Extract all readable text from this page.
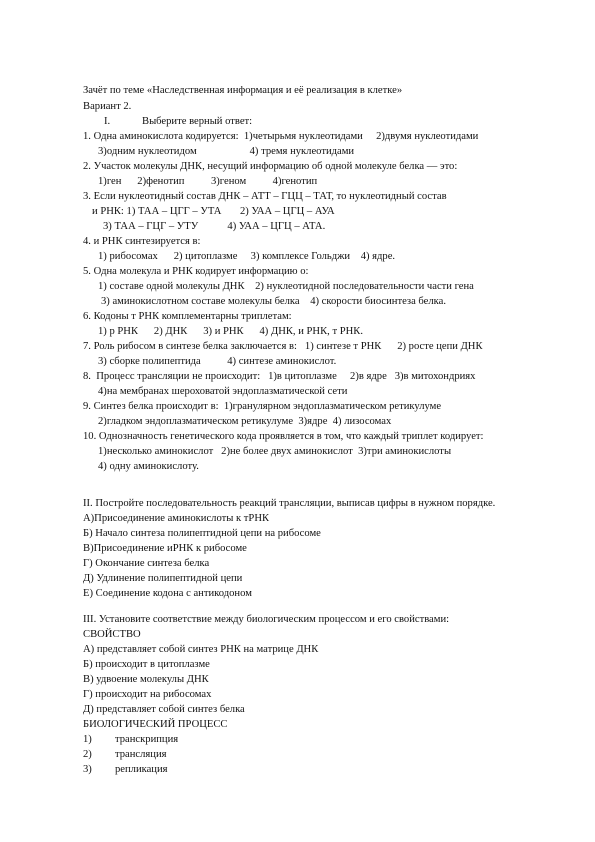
Зачёт по теме «Наследственная информация и её реализация в клетке»
Вариант 2.
I.	Выберите верный ответ:
1. Одна аминокислота кодируется:  1)четырьмя нуклеотидами     2)двумя нуклеотидами
3)одним нуклеотидом                    4) тремя нуклеотидами
2. Участок молекулы ДНК, несущий информацию об одной молекуле белка — это:
1)ген      2)фенотип          3)геном          4)генотип
3. Если нуклеотидный состав ДНК – АТТ – ГЦЦ – ТАТ, то нуклеотидный состав
и РНК: 1) ТАА – ЦГГ – УТА       2) УАА – ЦГЦ – АУА
3) ТАА – ГЦГ – УТУ           4) УАА – ЦГЦ – АТА.
4. и РНК синтезируется в:
1) рибосомах      2) цитоплазме     3) комплексе Гольджи    4) ядре.
5. Одна молекула и РНК кодирует информацию о:
1) составе одной молекулы ДНК    2) нуклеотидной последовательности части гена
3) аминокислотном составе молекулы белка    4) скорости биосинтеза белка.
6. Кодоны т РНК комплементарны триплетам:
1) р РНК      2) ДНК      3) и РНК      4) ДНК, и РНК, т РНК.
7. Роль рибосом в синтезе белка заключается в:   1) синтезе т РНК      2) росте цепи ДНК
3) сборке полипептида          4) синтезе аминокислот.
8.  Процесс трансляции не происходит:   1)в цитоплазме     2)в ядре   3)в митохондриях
4)на мембранах шероховатой эндоплазматической сети
9. Синтез белка происходит в:  1)гранулярном эндоплазматическом ретикулуме
2)гладком эндоплазматическом ретикулуме  3)ядре  4) лизосомах
10. Однозначность генетического кода проявляется в том, что каждый триплет кодирует:
1)несколько аминокислот   2)не более двух аминокислот  3)три аминокислоты
4) одну аминокислоту.
II. Постройте последовательность реакций трансляции, выписав цифры в нужном порядке.
А)Присоединение аминокислоты к тРНК
Б) Начало синтеза полипептидной цепи на рибосоме
В)Присоединение иРНК к рибосоме
Г) Окончание синтеза белка
Д) Удлинение полипептидной цепи
Е) Соединение кодона с антикодоном
III. Установите соответствие между биологическим процессом и его свойствами:
СВОЙСТВО
А) представляет собой синтез РНК на матрице ДНК
Б) происходит в цитоплазме
В) удвоение молекулы ДНК
Г) происходит на рибосомах
Д) представляет собой синтез белка
БИОЛОГИЧЕСКИЙ ПРОЦЕСС
1) транскрипция
2) трансляция
3) репликация
